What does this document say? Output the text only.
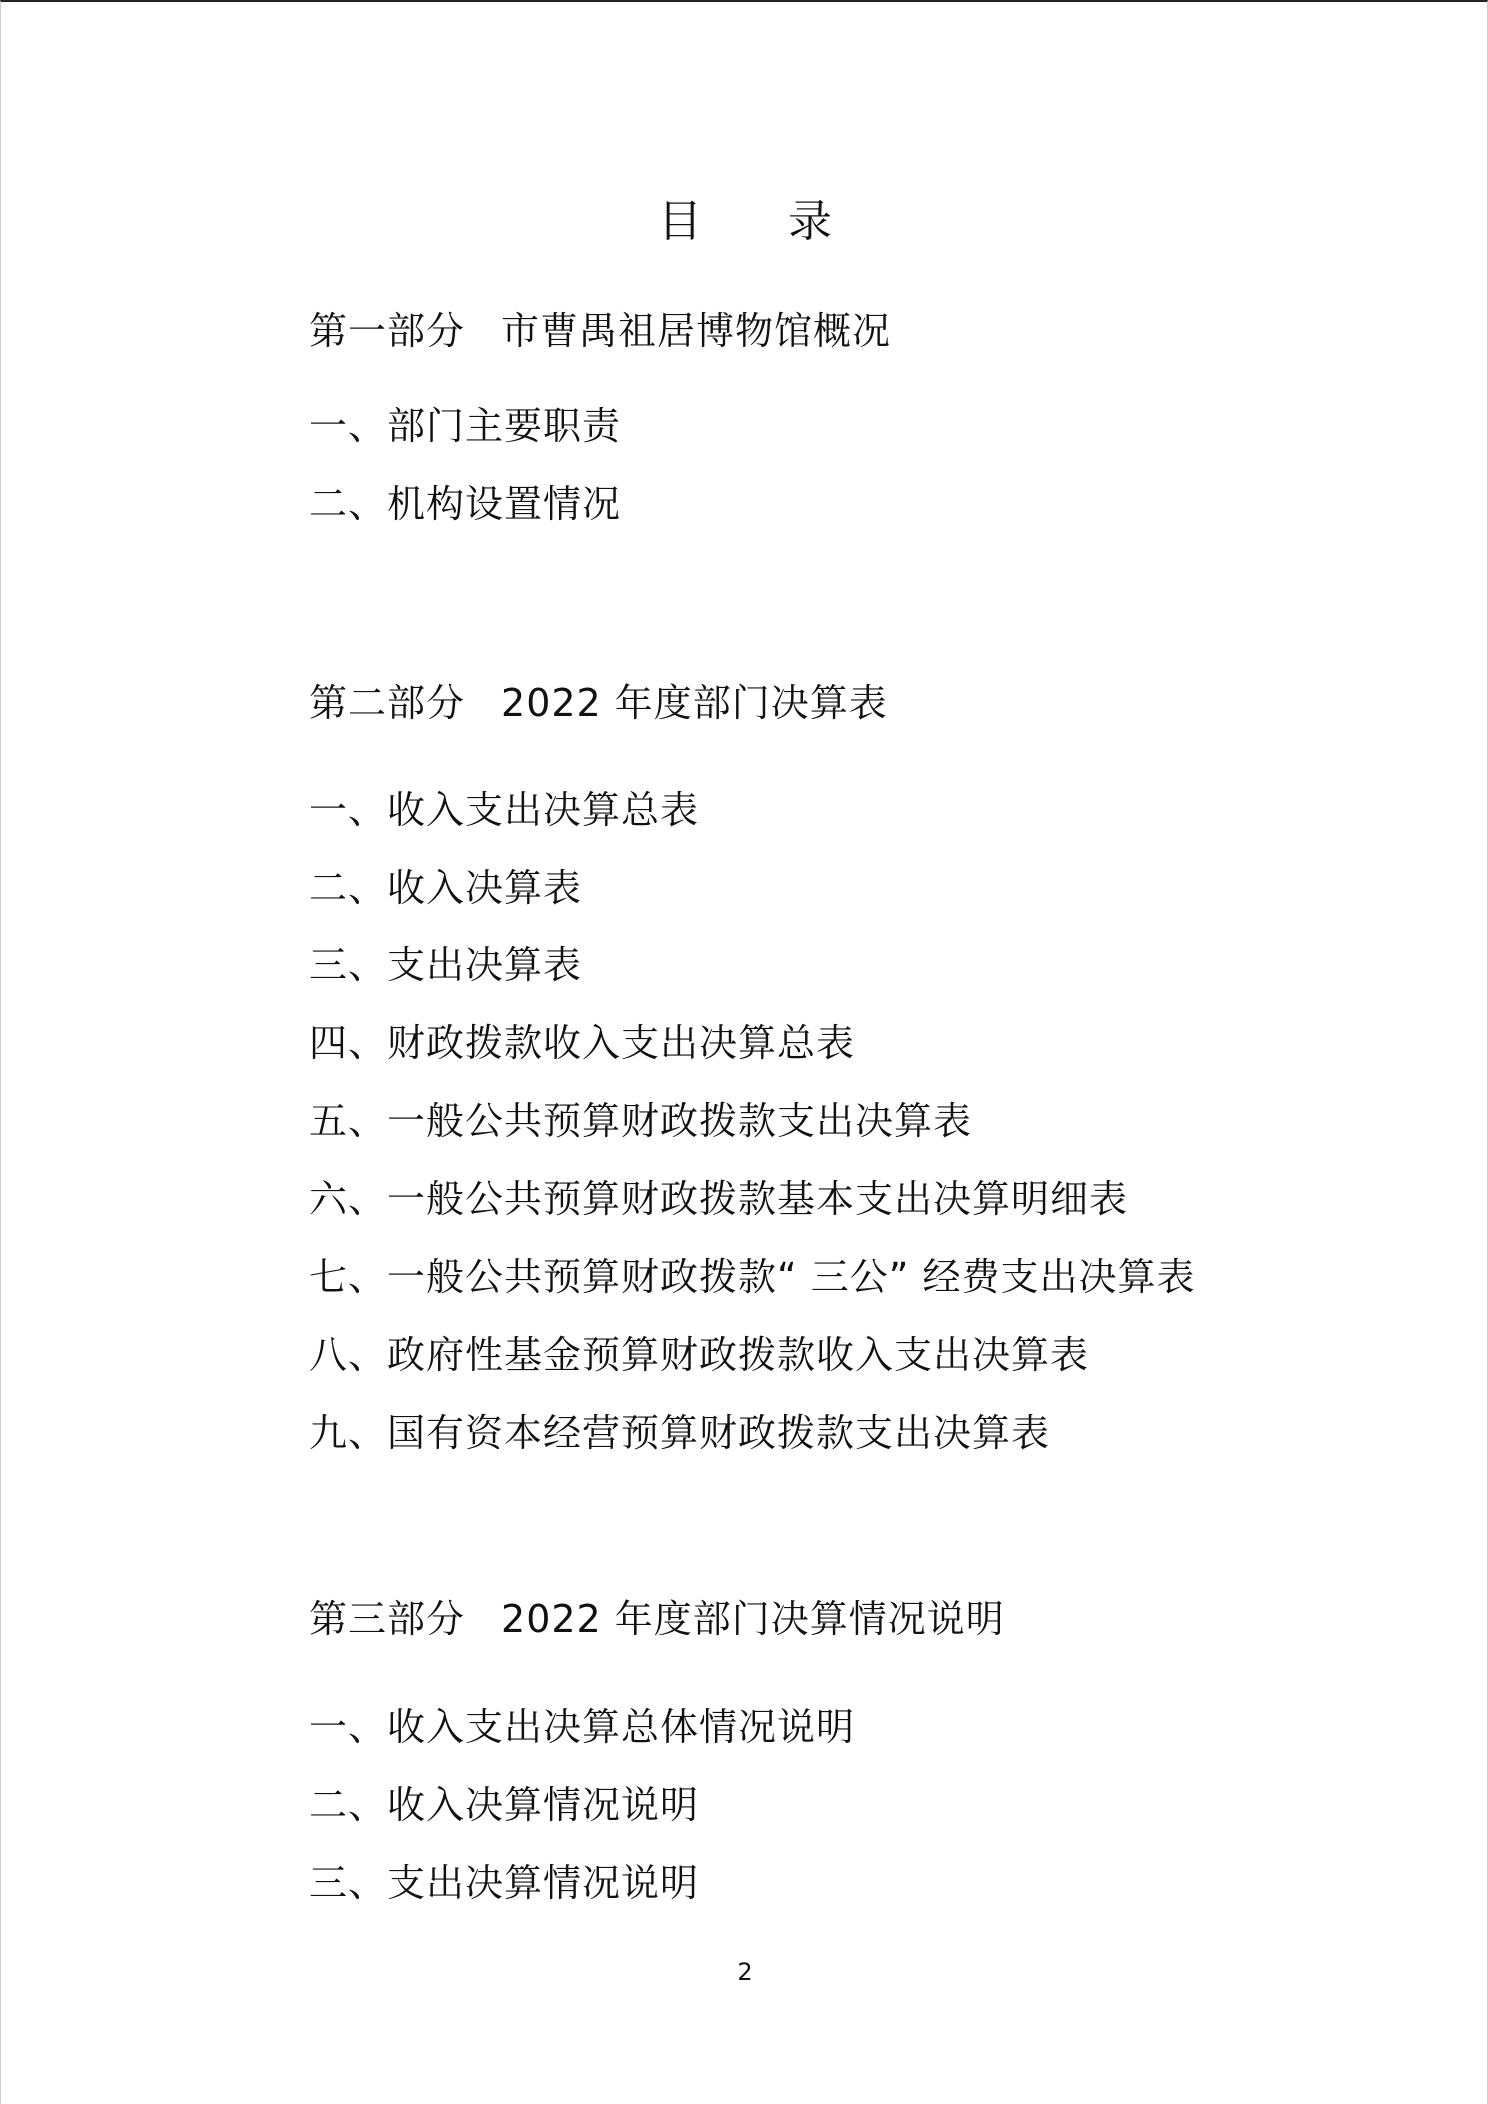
目 录
第一部分 市曹禺祖居博物馆概况
一、部门主要职责
二、机构设置情况
第二部分 2022 年度部门决算表
一、收入支出决算总表
二、收入决算表
三、支出决算表
四、财政拨款收入支出决算总表
五、一般公共预算财政拨款支出决算表
六、一般公共预算财政拨款基本支出决算明细表
七、一般公共预算财政拨款“ 三公” 经费支出决算表
八、政府性基金预算财政拨款收入支出决算表
九、国有资本经营预算财政拨款支出决算表
第三部分 2022 年度部门决算情况说明
一、收入支出决算总体情况说明
二、收入决算情况说明
三、支出决算情况说明
2
